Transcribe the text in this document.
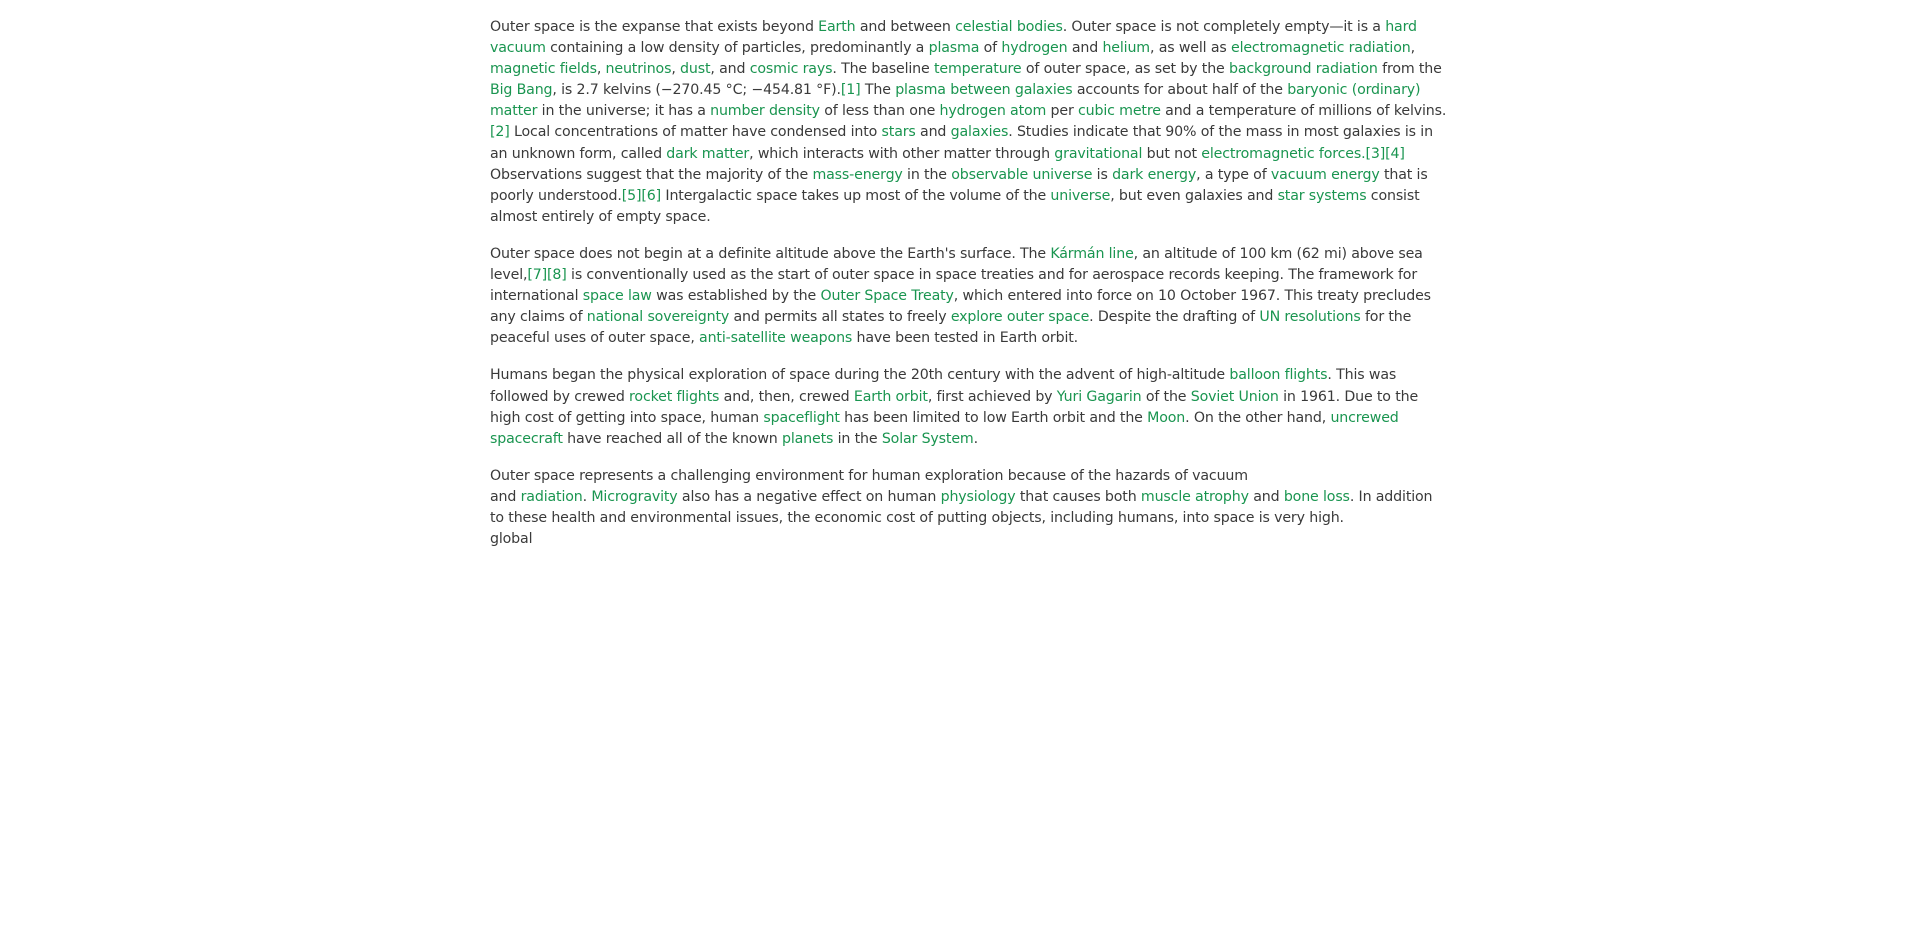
Outer space is the expanse that exists beyond Earth and between celestial bodies. Outer space is not completely empty—it is a hard vacuum containing a low density of particles, predominantly a plasma of hydrogen and helium, as well as electromagnetic radiation, magnetic fields, neutrinos, dust, and cosmic rays. The baseline temperature of outer space, as set by the background radiation from the Big Bang, is 2.7 kelvins (−270.45 °C; −454.81 °F).[1] The plasma between galaxies accounts for about half of the baryonic (ordinary) matter in the universe; it has a number density of less than one hydrogen atom per cubic metre and a temperature of millions of kelvins.[2] Local concentrations of matter have condensed into stars and galaxies. Studies indicate that 90% of the mass in most galaxies is in an unknown form, called dark matter, which interacts with other matter through gravitational but not electromagnetic forces.[3][4] Observations suggest that the majority of the mass-energy in the observable universe is dark energy, a type of vacuum energy that is poorly understood.[5][6] Intergalactic space takes up most of the volume of the universe, but even galaxies and star systems consist almost entirely of empty space.

Outer space does not begin at a definite altitude above the Earth's surface. The Kármán line, an altitude of 100 km (62 mi) above sea level,[7][8] is conventionally used as the start of outer space in space treaties and for aerospace records keeping. The framework for international space law was established by the Outer Space Treaty, which entered into force on 10 October 1967. This treaty precludes any claims of national sovereignty and permits all states to freely explore outer space. Despite the drafting of UN resolutions for the peaceful uses of outer space, anti-satellite weapons have been tested in Earth orbit.

Humans began the physical exploration of space during the 20th century with the advent of high-altitude balloon flights. This was followed by crewed rocket flights and, then, crewed Earth orbit, first achieved by Yuri Gagarin of the Soviet Union in 1961. Due to the high cost of getting into space, human spaceflight has been limited to low Earth orbit and the Moon. On the other hand, uncrewed spacecraft have reached all of the known planets in the Solar System.

Outer space represents a challenging environment for human exploration because of the hazards of vacuum
and radiation. Microgravity also has a negative effect on human physiology that causes both muscle atrophy and bone loss. In addition to these health and environmental issues, the economic cost of putting objects, including humans, into space is very high.
global
